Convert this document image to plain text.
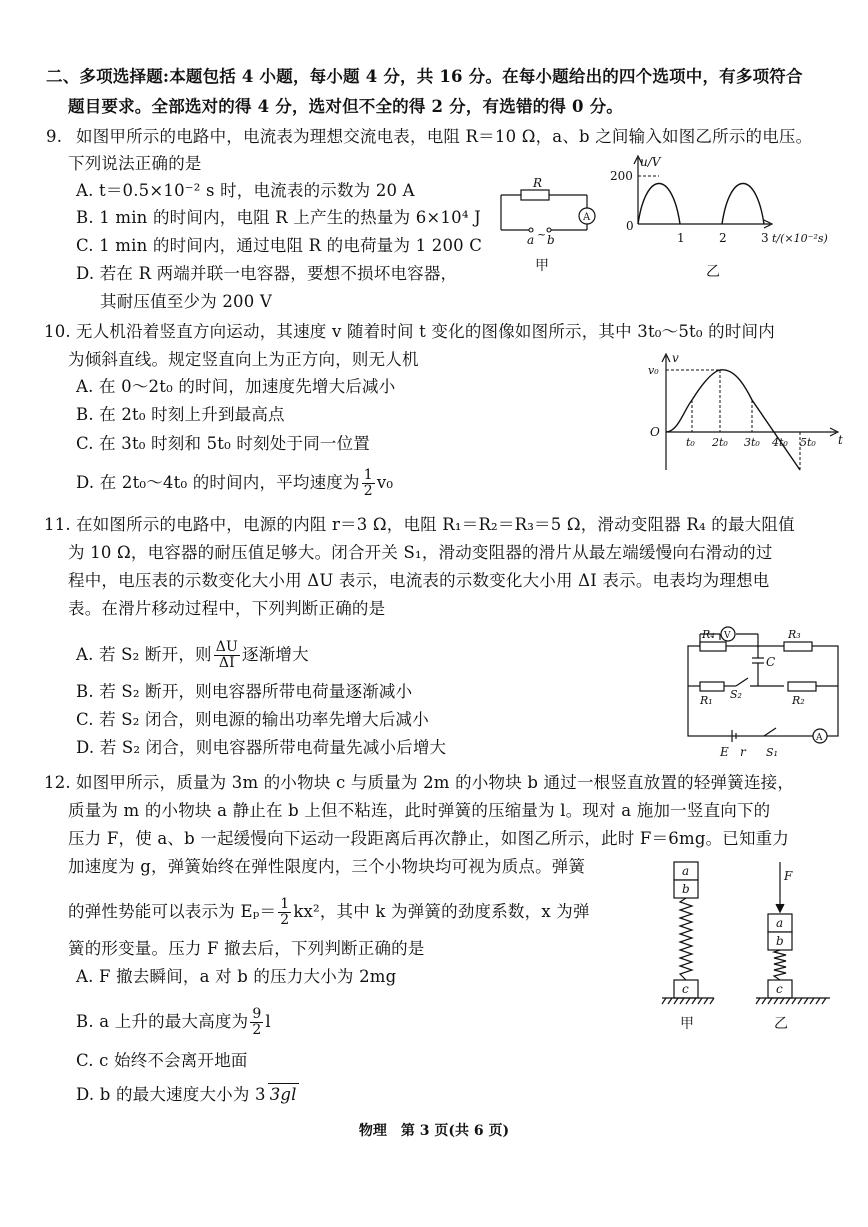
二、多项选择题:本题包括 4 小题，每小题 4 分，共 16 分。在每小题给出的四个选项中，有多项符合
题目要求。全部选对的得 4 分，选对但不全的得 2 分，有选错的得 0 分。
9. 如图甲所示的电路中，电流表为理想交流电表，电阻 R＝10 Ω，a、b 之间输入如图乙所示的电压。
下列说法正确的是
A. t＝0.5×10⁻² s 时，电流表的示数为 20 A
B. 1 min 的时间内，电阻 R 上产生的热量为 6×10⁴ J
C. 1 min 的时间内，通过电阻 R 的电荷量为 1 200 C
D. 若在 R 两端并联一电容器，要想不损坏电容器，
其耐压值至少为 200 V
R
A
a ~ b
甲
200
u/V
0
1	2	3 t/(×10⁻²s)
乙
10. 无人机沿着竖直方向运动，其速度 v 随着时间 t 变化的图像如图所示，其中 3t₀～5t₀ 的时间内
为倾斜直线。规定竖直向上为正方向，则无人机
A. 在 0～2t₀ 的时间，加速度先增大后减小
B. 在 2t₀ 时刻上升到最高点
C. 在 3t₀ 时刻和 5t₀ 时刻处于同一位置
D. 在 2t₀～4t₀ 的时间内，平均速度为 $\frac{1}{2} v_0$
v
v₀
O
t
t₀ 2t₀ 3t₀ 4t₀ 5t₀
11. 在如图所示的电路中，电源的内阻 r＝3 Ω，电阻 R₁＝R₂＝R₃＝5 Ω，滑动变阻器 R₄ 的最大阻值
为 10 Ω，电容器的耐压值足够大。闭合开关 S₁，滑动变阻器的滑片从最左端缓慢向右滑动的过
程中，电压表的示数变化大小用 ΔU 表示，电流表的示数变化大小用 ΔI 表示。电表均为理想电
表。在滑片移动过程中，下列判断正确的是
A. 若 S₂ 断开，则 $\frac{\Delta U}{\Delta I}$ 逐渐增大
B. 若 S₂ 断开，则电容器所带电荷量逐渐减小
C. 若 S₂ 闭合，则电源的输出功率先增大后减小
D. 若 S₂ 闭合，则电容器所带电荷量先减小后增大
R₄ V	R₃
C
R₁ S₂	R₂
E r S₁
A
12. 如图甲所示，质量为 3m 的小物块 c 与质量为 2m 的小物块 b 通过一根竖直放置的轻弹簧连接，
质量为 m 的小物块 a 静止在 b 上但不粘连，此时弹簧的压缩量为 l。现对 a 施加一竖直向下的
压力 F，使 a、b 一起缓慢向下运动一段距离后再次静止，如图乙所示，此时 F＝6mg。已知重力
加速度为 g，弹簧始终在弹性限度内，三个小物块均可视为质点。弹簧
的弹性势能可以表示为 $E_p= \frac{1}{2} kx^2$，其中 k 为弹簧的劲度系数，x 为弹
簧的形变量。压力 F 撤去后，下列判断正确的是
A. F 撤去瞬间，a 对 b 的压力大小为 2mg
B. a 上升的最大高度为 $\frac{9}{2}$ l
C. c 始终不会离开地面
D. b 的最大速度大小为 3 3gl
a
b
c
F
a
b
c
甲	乙
物理　第 3 页(共 6 页)
